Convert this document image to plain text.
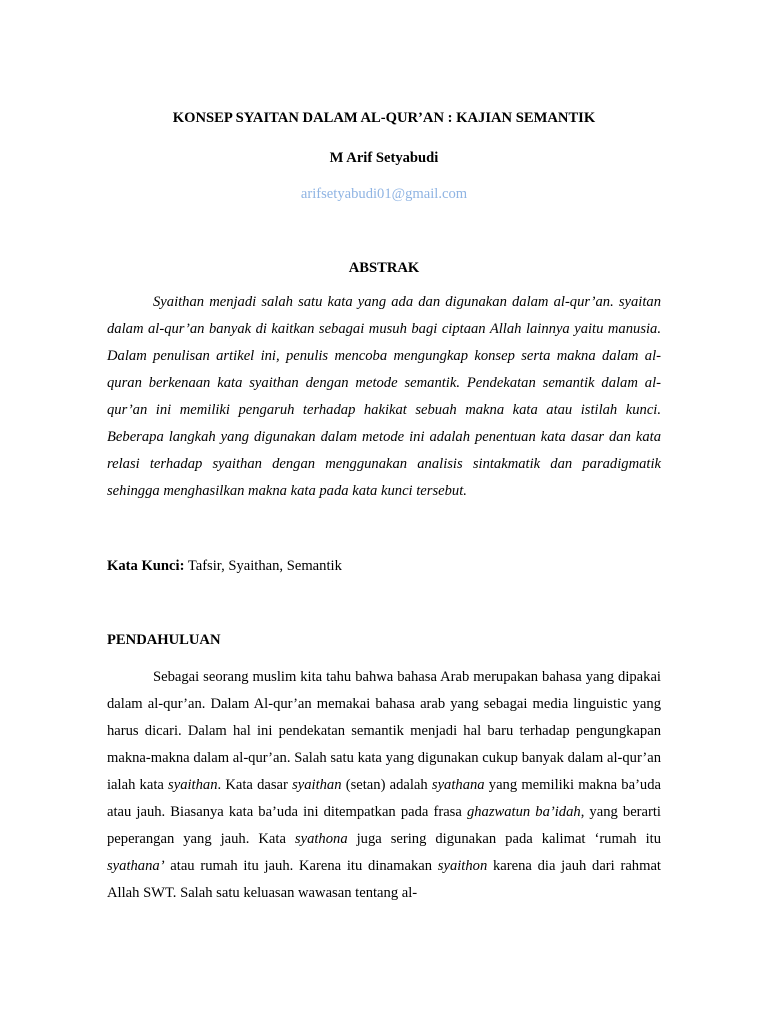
KONSEP SYAITAN DALAM AL-QUR’AN : KAJIAN SEMANTIK
M Arif Setyabudi
arifsetyabudi01@gmail.com
ABSTRAK

Syaithan menjadi salah satu kata yang ada dan digunakan dalam al-qur’an. syaitan dalam al-qur’an banyak di kaitkan sebagai musuh bagi ciptaan Allah lainnya yaitu manusia. Dalam penulisan artikel ini, penulis mencoba mengungkap konsep serta makna dalam al-quran berkenaan kata syaithan dengan metode semantik. Pendekatan semantik dalam al-qur’an ini memiliki pengaruh terhadap hakikat sebuah makna kata atau istilah kunci. Beberapa langkah yang digunakan dalam metode ini adalah penentuan kata dasar dan kata relasi terhadap syaithan dengan menggunakan analisis sintakmatik dan paradigmatik sehingga menghasilkan makna kata pada kata kunci tersebut.

Kata Kunci: Tafsir, Syaithan, Semantik
PENDAHULUAN

Sebagai seorang muslim kita tahu bahwa bahasa Arab merupakan bahasa yang dipakai dalam al-qur’an. Dalam Al-qur’an memakai bahasa arab yang sebagai media linguistic yang harus dicari. Dalam hal ini pendekatan semantik menjadi hal baru terhadap pengungkapan makna-makna dalam al-qur’an. Salah satu kata yang digunakan cukup banyak dalam al-qur’an ialah kata syaithan. Kata dasar syaithan (setan) adalah syathana yang memiliki makna ba’uda atau jauh. Biasanya kata ba’uda ini ditempatkan pada frasa ghazwatun ba’idah, yang berarti peperangan yang jauh. Kata syathona juga sering digunakan pada kalimat ‘rumah itu syathana’ atau rumah itu jauh. Karena itu dinamakan syaithon karena dia jauh dari rahmat Allah SWT. Salah satu keluasan wawasan tentang al-
